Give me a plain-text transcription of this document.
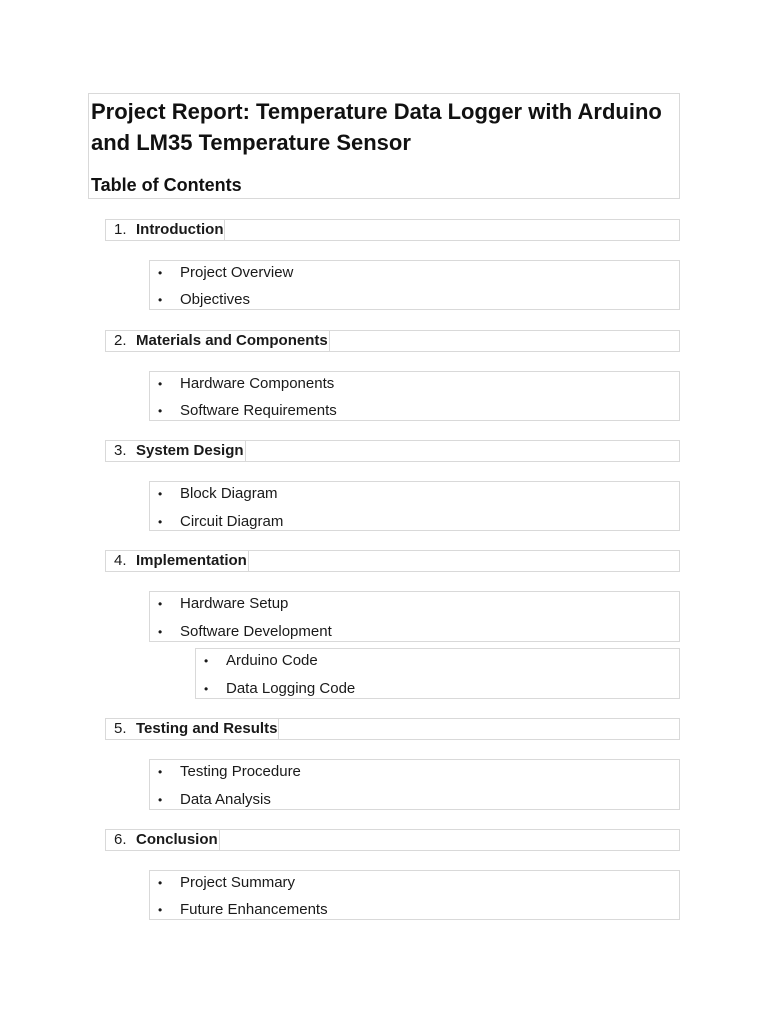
Project Report: Temperature Data Logger with Arduino and LM35 Temperature Sensor
Table of Contents
1. Introduction
• Project Overview
• Objectives
2. Materials and Components
• Hardware Components
• Software Requirements
3. System Design
• Block Diagram
• Circuit Diagram
4. Implementation
• Hardware Setup
• Software Development
• Arduino Code
• Data Logging Code
5. Testing and Results
• Testing Procedure
• Data Analysis
6. Conclusion
• Project Summary
• Future Enhancements
